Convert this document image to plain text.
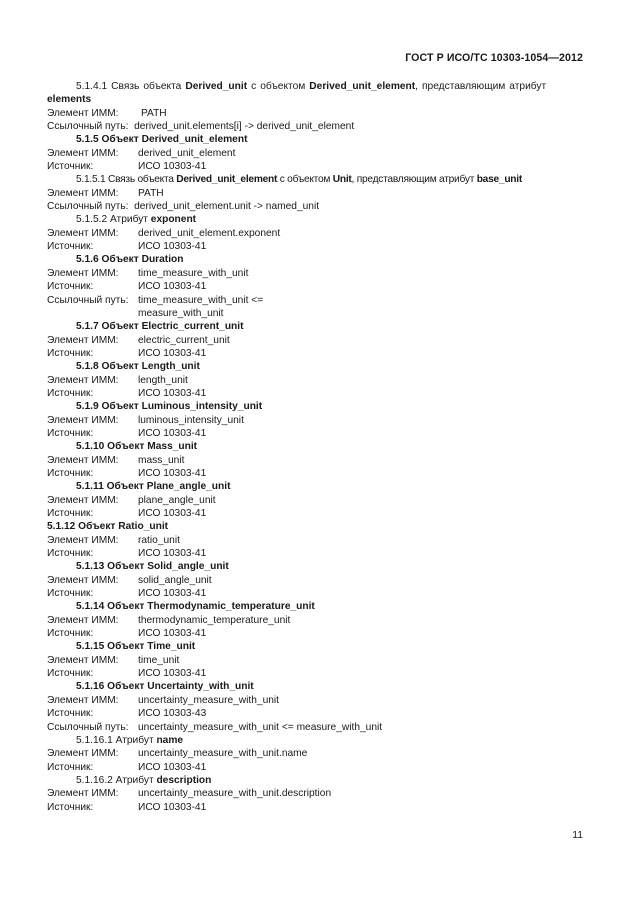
ГОСТ Р ИСО/ТС 10303-1054—2012
5.1.4.1 Связь объекта Derived_unit с объектом Derived_unit_element, представляющим атрибут
elements
Элемент ИММ: PATH
Ссылочный путь: derived_unit.elements[i] -> derived_unit_element
5.1.5 Объект Derived_unit_element
Элемент ИММ: derived_unit_element
Источник:	ИСО 10303-41
5.1.5.1 Связь объекта Derived_unit_element с объектом Unit, представляющим атрибут base_unit
Элемент ИММ: PATH
Ссылочный путь: derived_unit_element.unit -> named_unit
5.1.5.2 Атрибут exponent
Элемент ИММ: derived_unit_element.exponent
Источник:	ИСО 10303-41
5.1.6 Объект Duration
Элемент ИММ: time_measure_with_unit
Источник:	ИСО 10303-41
Ссылочный путь: time_measure_with_unit <=
measure_with_unit
5.1.7 Объект Electric_current_unit
Элемент ИММ: electric_current_unit
Источник:	ИСО 10303-41
5.1.8 Объект Length_unit
Элемент ИММ: length_unit
Источник:	ИСО 10303-41
5.1.9 Объект Luminous_intensity_unit
Элемент ИММ: luminous_intensity_unit
Источник:	ИСО 10303-41
5.1.10 Объект Mass_unit
Элемент ИММ: mass_unit
Источник:	ИСО 10303-41
5.1.11 Объект Plane_angle_unit
Элемент ИММ: plane_angle_unit
Источник:	ИСО 10303-41
5.1.12 Объект Ratio_unit
Элемент ИММ: ratio_unit
Источник:	ИСО 10303-41
5.1.13 Объект Solid_angle_unit
Элемент ИММ: solid_angle_unit
Источник:	ИСО 10303-41
5.1.14 Объект Thermodynamic_temperature_unit
Элемент ИММ: thermodynamic_temperature_unit
Источник:	ИСО 10303-41
5.1.15 Объект Time_unit
Элемент ИММ: time_unit
Источник:	ИСО 10303-41
5.1.16 Объект Uncertainty_with_unit
Элемент ИММ: uncertainty_measure_with_unit
Источник:	ИСО 10303-43
Ссылочный путь: uncertainty_measure_with_unit <= measure_with_unit
5.1.16.1 Атрибут name
Элемент ИММ: uncertainty_measure_with_unit.name
Источник:	ИСО 10303-41
5.1.16.2 Атрибут description
Элемент ИММ: uncertainty_measure_with_unit.description
Источник:	ИСО 10303-41
11
